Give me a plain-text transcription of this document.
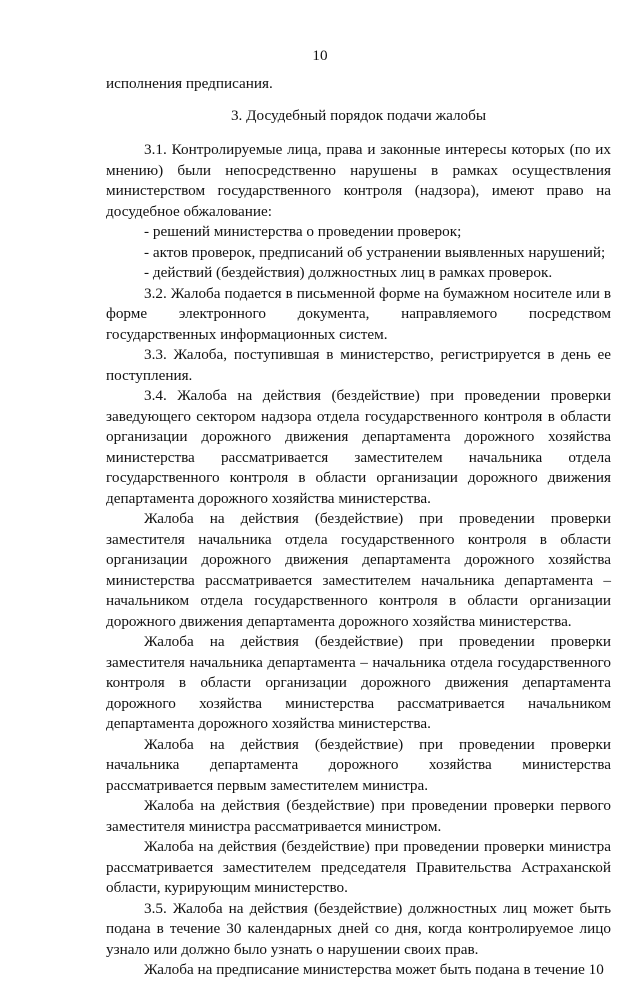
10
исполнения предписания.
3. Досудебный порядок подачи жалобы

3.1. Контролируемые лица, права и законные интересы которых (по их мнению) были непосредственно нарушены в рамках осуществления министерством государственного контроля (надзора), имеют право на досудебное обжалование:

- решений министерства о проведении проверок;

- актов проверок, предписаний об устранении выявленных нарушений;

- действий (бездействия) должностных лиц в рамках проверок.

3.2. Жалоба подается в письменной форме на бумажном носителе или в форме электронного документа, направляемого посредством государственных информационных систем.

3.3. Жалоба, поступившая в министерство, регистрируется в день ее поступления.

3.4. Жалоба на действия (бездействие) при проведении проверки заведующего сектором надзора отдела государственного контроля в области организации дорожного движения департамента дорожного хозяйства министерства рассматривается заместителем начальника отдела государственного контроля в области организации дорожного движения департамента дорожного хозяйства министерства.

Жалоба на действия (бездействие) при проведении проверки заместителя начальника отдела государственного контроля в области организации дорожного движения департамента дорожного хозяйства министерства рассматривается заместителем начальника департамента – начальником отдела государственного контроля в области организации дорожного движения департамента дорожного хозяйства министерства.

Жалоба на действия (бездействие) при проведении проверки заместителя начальника департамента – начальника отдела государственного контроля в области организации дорожного движения департамента дорожного хозяйства министерства рассматривается начальником департамента дорожного хозяйства министерства.

Жалоба на действия (бездействие) при проведении проверки начальника департамента дорожного хозяйства министерства рассматривается первым заместителем министра.

Жалоба на действия (бездействие) при проведении проверки первого заместителя министра рассматривается министром.

Жалоба на действия (бездействие) при проведении проверки министра рассматривается заместителем председателя Правительства Астраханской области, курирующим министерство.

3.5. Жалоба на действия (бездействие) должностных лиц может быть подана в течение 30 календарных дней со дня, когда контролируемое лицо узнало или должно было узнать о нарушении своих прав.

Жалоба на предписание министерства может быть подана в течение 10
